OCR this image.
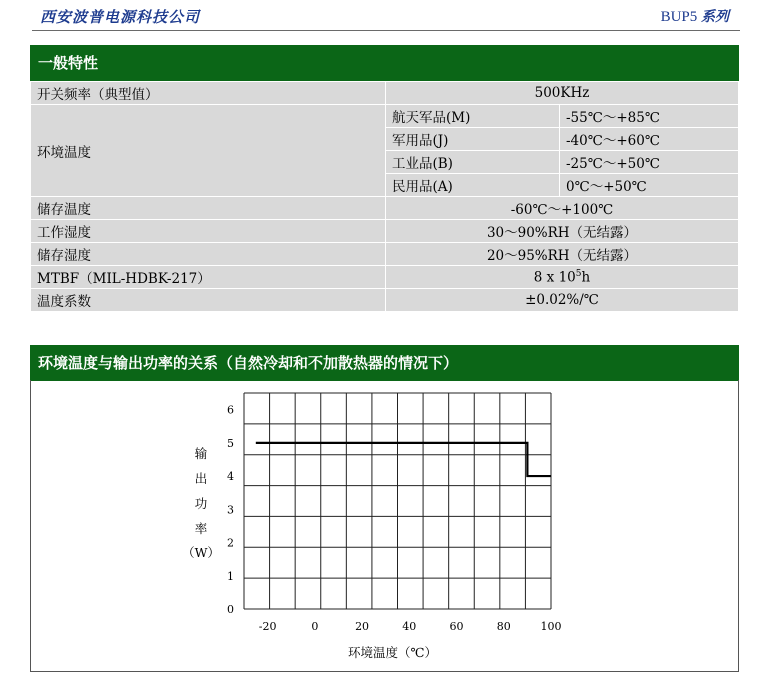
西安波普电源科技公司	BUP5 系列
一般特性
开关频率（典型值）	500KHz	
环境温度	航天军品(M)	-55℃～+85℃
	军用品(J)	-40℃～+60℃
	工业品(B)	-25℃～+50℃
	民用品(A)	0℃～+50℃
储存温度	-60℃～+100℃	
工作湿度	30～90%RH（无结露）	
储存湿度	20～95%RH（无结露）	
MTBF（MIL-HDBK-217）	8 x $10^5h$	
温度系数	±0.02%/℃	
环境温度与输出功率的关系（自然冷却和不加散热器的情况下）
0
1
2
3
4
5
6
-20	0	20	40	60	80	100
输
出
功
率
（W）
环境温度（℃）
